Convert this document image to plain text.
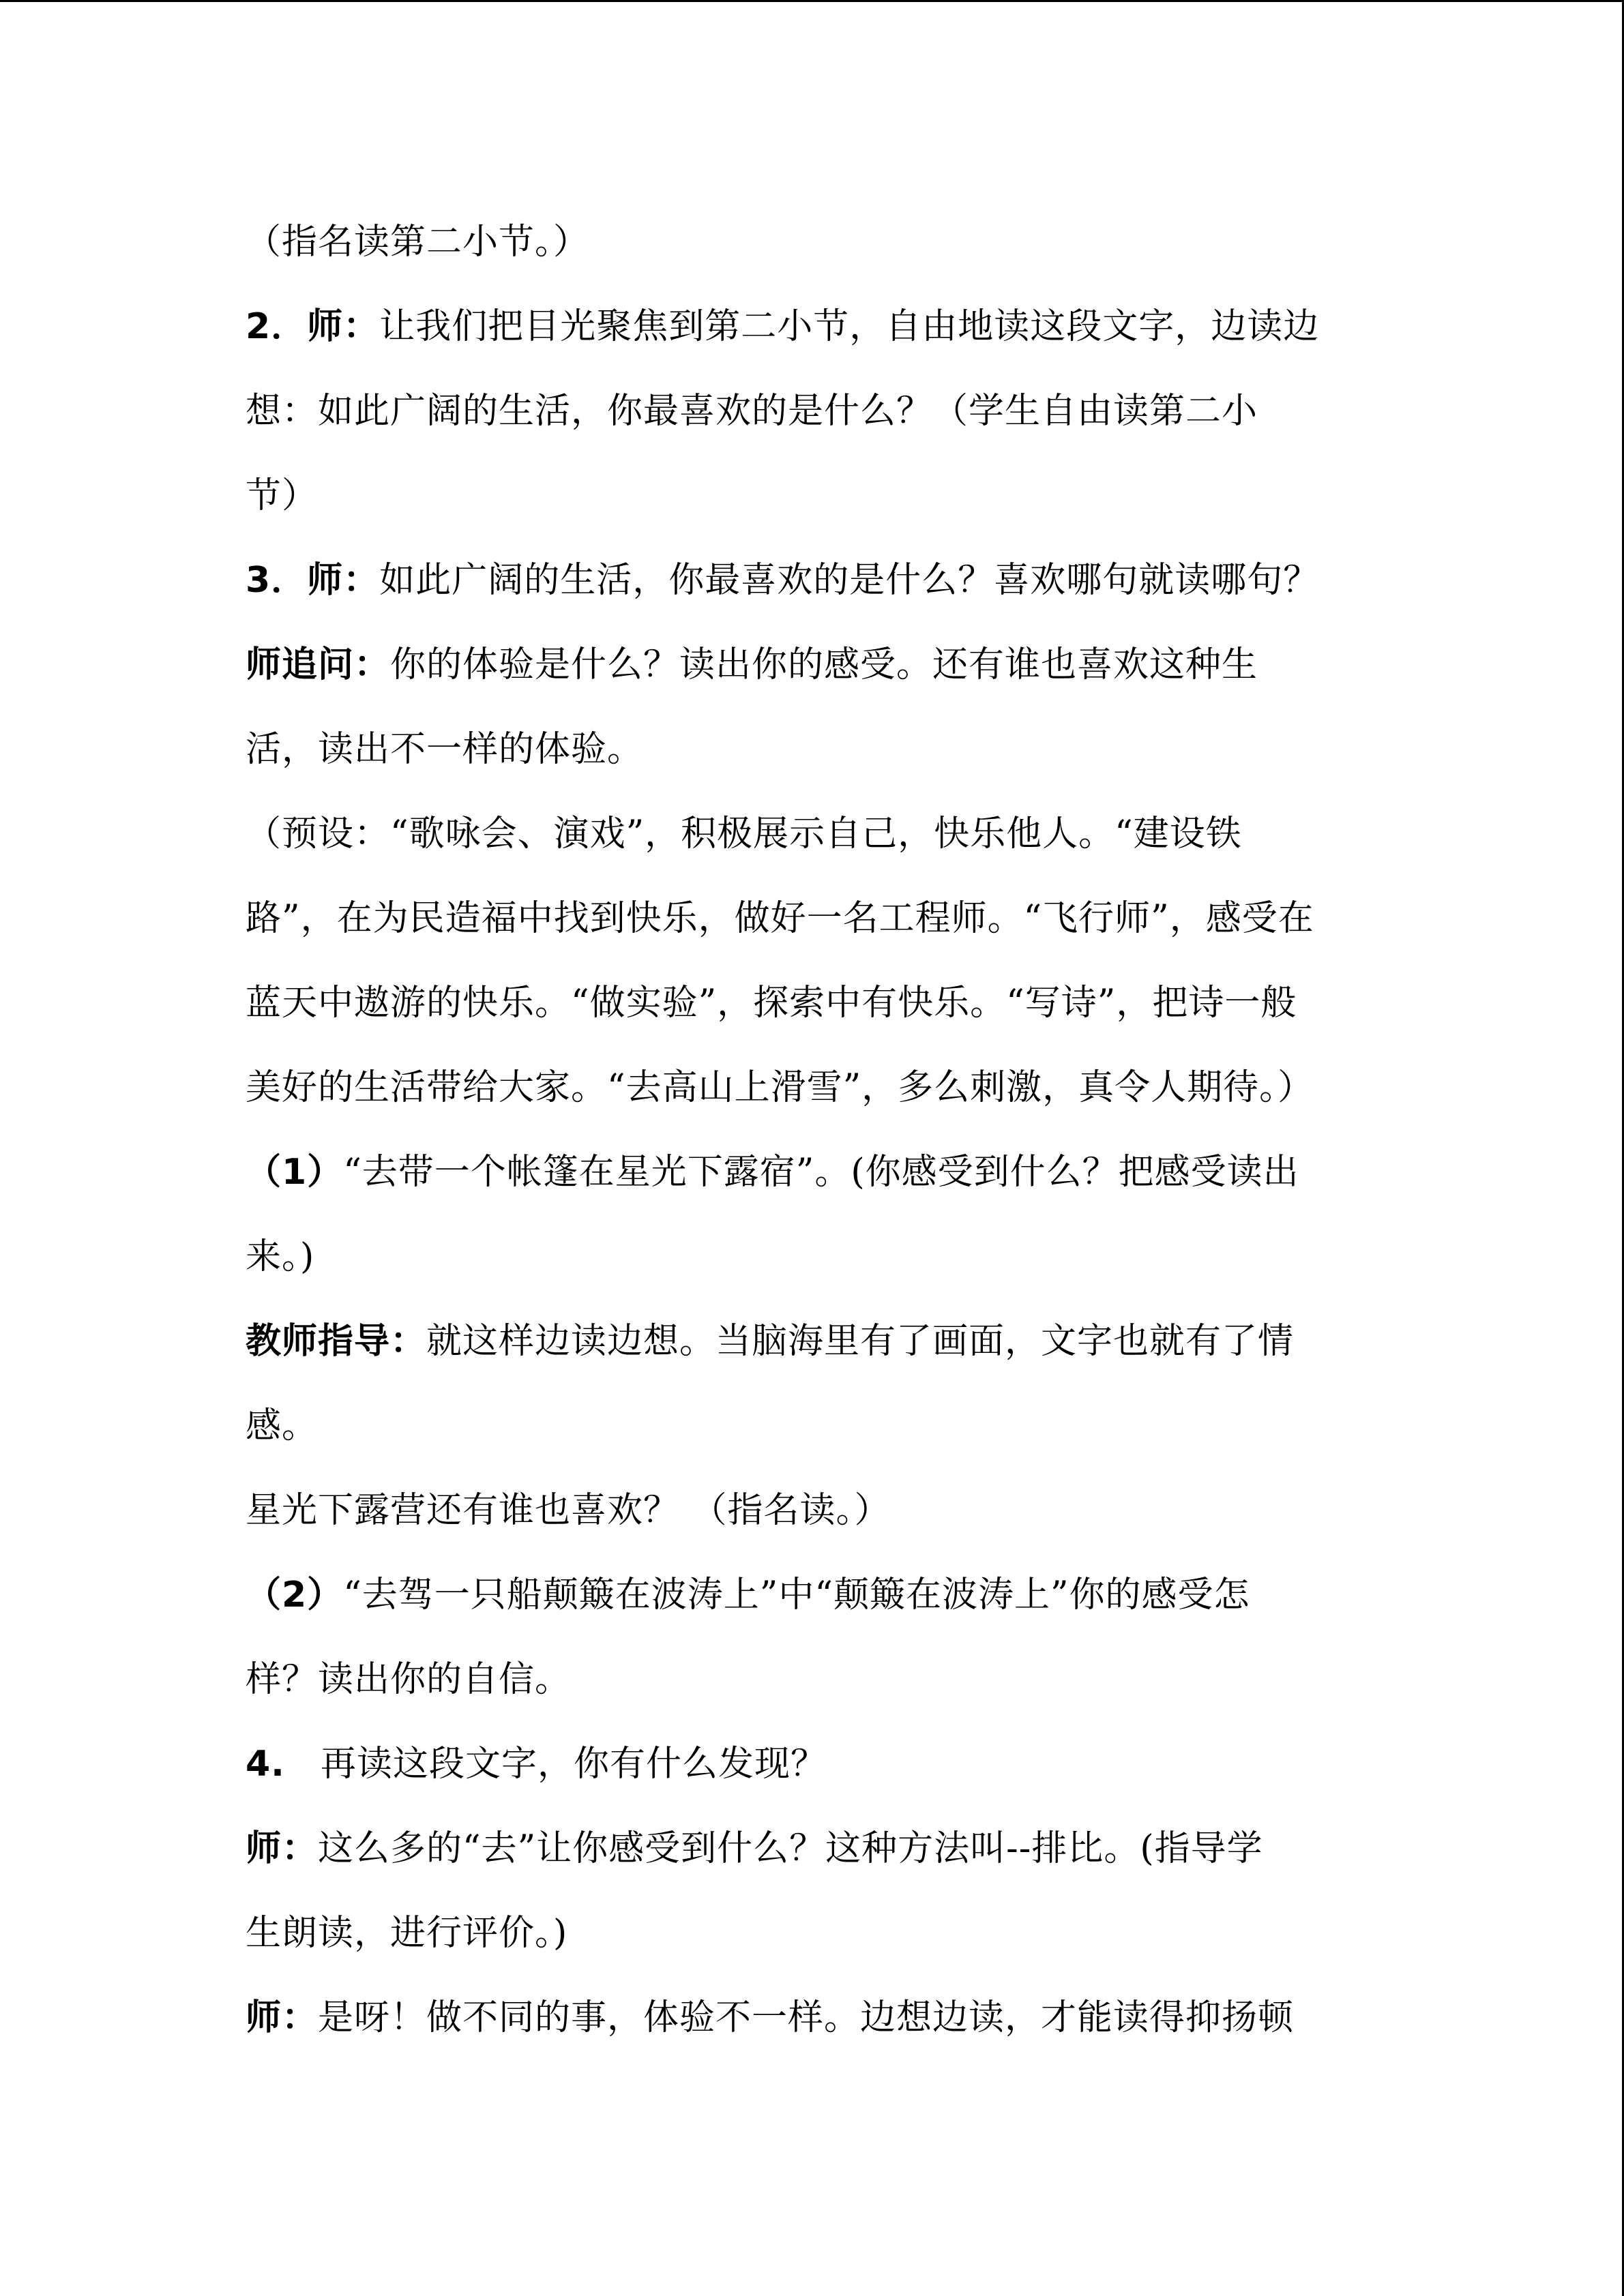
（指名读第二小节。）
2．师：让我们把目光聚焦到第二小节，自由地读这段文字，边读边
想：如此广阔的生活，你最喜欢的是什么？（学生自由读第二小
节）
3．师：如此广阔的生活，你最喜欢的是什么？喜欢哪句就读哪句？
师追问：你的体验是什么？读出你的感受。还有谁也喜欢这种生
活，读出不一样的体验。
（预设：“歌咏会、演戏”，积极展示自己，快乐他人。“建设铁
路”，在为民造福中找到快乐，做好一名工程师。“飞行师”，感受在
蓝天中遨游的快乐。“做实验”，探索中有快乐。“写诗”，把诗一般
美好的生活带给大家。“去高山上滑雪”，多么刺激，真令人期待。）
（1）“去带一个帐篷在星光下露宿”。(你感受到什么？把感受读出
来。)
教师指导：就这样边读边想。当脑海里有了画面，文字也就有了情
感。
星光下露营还有谁也喜欢？ （指名读。）
（2）“去驾一只船颠簸在波涛上”中“颠簸在波涛上”你的感受怎
样？读出你的自信。
4. 再读这段文字，你有什么发现？
师：这么多的“去”让你感受到什么？这种方法叫--排比。(指导学
生朗读，进行评价。)
师：是呀！做不同的事，体验不一样。边想边读，才能读得抑扬顿
